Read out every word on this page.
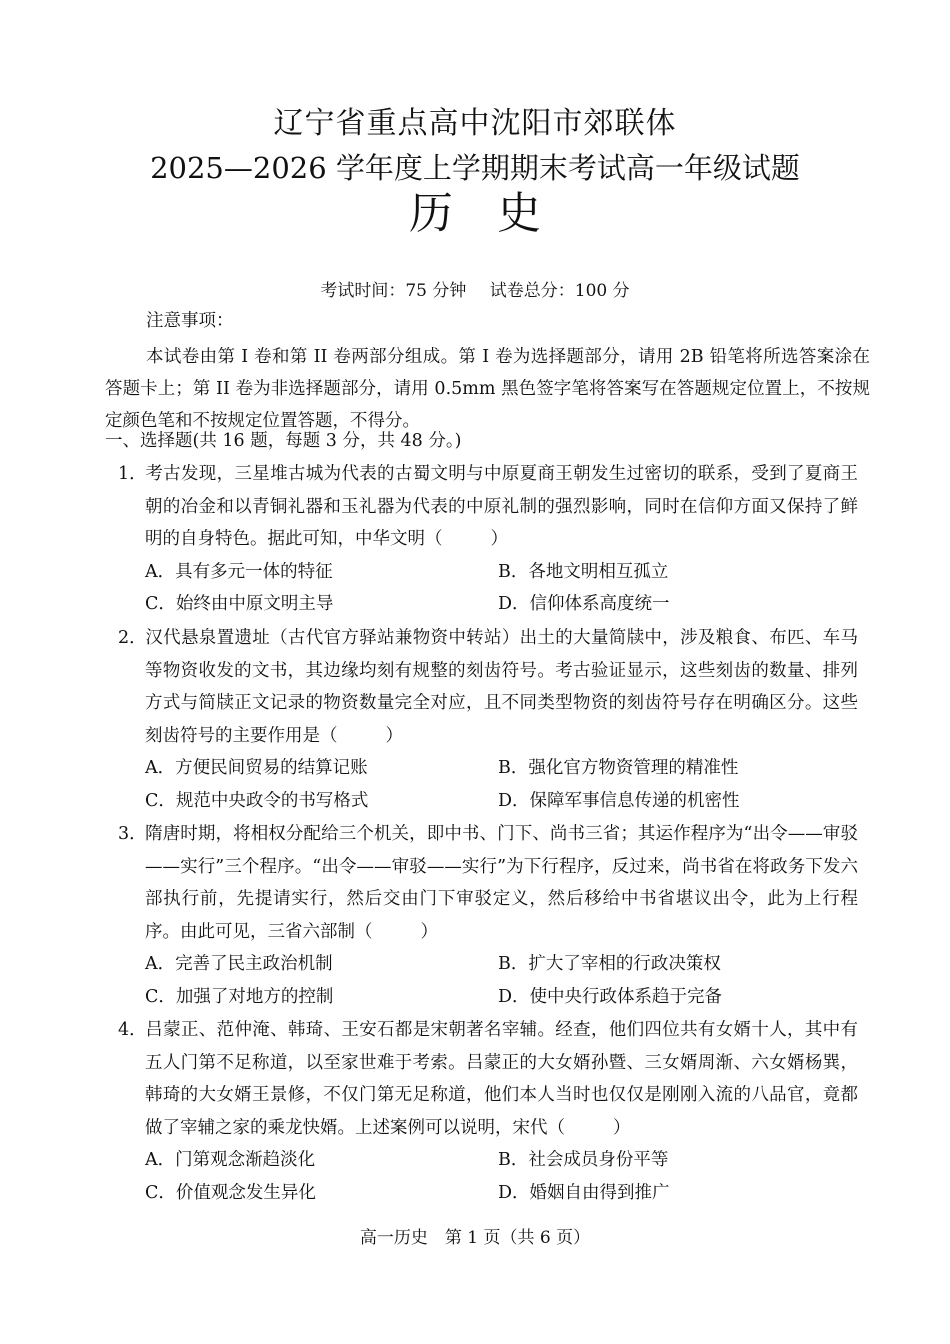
辽宁省重点高中沈阳市郊联体
2025—2026 学年度上学期期末考试高一年级试题
历史
考试时间：75 分钟 试卷总分：100 分
注意事项：
本试卷由第 I 卷和第 II 卷两部分组成。第 I 卷为选择题部分，请用 2B 铅笔将所选答案涂在答题卡上；第 II 卷为非选择题部分，请用 0.5mm 黑色签字笔将答案写在答题规定位置上，不按规定颜色笔和不按规定位置答题，不得分。
一、选择题(共 16 题，每题 3 分，共 48 分。)

1．考古发现，三星堆古城为代表的古蜀文明与中原夏商王朝发生过密切的联系，受到了夏商王朝的冶金和以青铜礼器和玉礼器为代表的中原礼制的强烈影响，同时在信仰方面又保持了鲜明的自身特色。据此可知，中华文明（	）

A．具有多元一体的特征	B．各地文明相互孤立
C．始终由中原文明主导	D．信仰体系高度统一

2．汉代悬泉置遗址（古代官方驿站兼物资中转站）出土的大量简牍中，涉及粮食、布匹、车马等物资收发的文书，其边缘均刻有规整的刻齿符号。考古验证显示，这些刻齿的数量、排列方式与简牍正文记录的物资数量完全对应，且不同类型物资的刻齿符号存在明确区分。这些刻齿符号的主要作用是（	）

A．方便民间贸易的结算记账	B．强化官方物资管理的精准性
C．规范中央政令的书写格式	D．保障军事信息传递的机密性

3．隋唐时期，将相权分配给三个机关，即中书、门下、尚书三省；其运作程序为“出令——审驳——实行”三个程序。“出令——审驳——实行”为下行程序，反过来，尚书省在将政务下发六部执行前，先提请实行，然后交由门下审驳定义，然后移给中书省堪议出令，此为上行程序。由此可见，三省六部制（	）

A．完善了民主政治机制	B．扩大了宰相的行政决策权
C．加强了对地方的控制	D．使中央行政体系趋于完备

4．吕蒙正、范仲淹、韩琦、王安石都是宋朝著名宰辅。经查，他们四位共有女婿十人，其中有五人门第不足称道，以至家世难于考索。吕蒙正的大女婿孙暨、三女婿周渐、六女婿杨巽，韩琦的大女婿王景修，不仅门第无足称道，他们本人当时也仅仅是刚刚入流的八品官，竟都做了宰辅之家的乘龙快婿。上述案例可以说明，宋代（	）

A．门第观念渐趋淡化	B．社会成员身份平等
C．价值观念发生异化	D．婚姻自由得到推广
高一历史　第 1 页（共 6 页）
